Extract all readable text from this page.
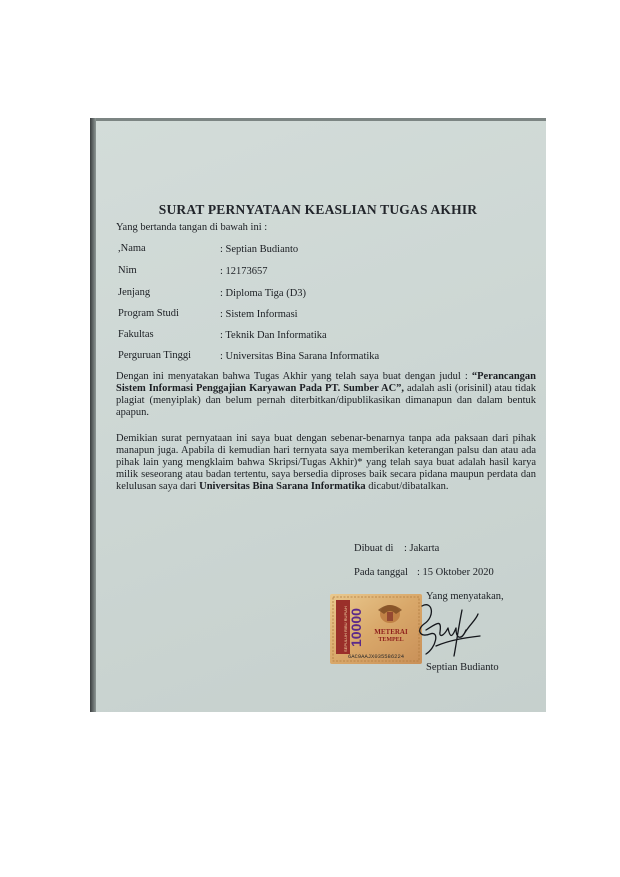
SURAT PERNYATAAN KEASLIAN TUGAS AKHIR
Yang bertanda tangan di bawah ini :
,Nama	: Septian Budianto
Nim	: 12173657
Jenjang	: Diploma Tiga (D3)
Program Studi	: Sistem Informasi
Fakultas	: Teknik Dan Informatika
Perguruan Tinggi	: Universitas Bina Sarana Informatika
Dengan ini menyatakan bahwa Tugas Akhir yang telah saya buat dengan judul : “Perancangan Sistem Informasi Penggajian Karyawan Pada PT. Sumber AC”, adalah asli (orisinil) atau tidak plagiat (menyiplak) dan belum pernah diterbitkan/dipublikasikan dimanapun dan dalam bentuk apapun.
Demikian surat pernyataan ini saya buat dengan sebenar-benarnya tanpa ada paksaan dari pihak manapun juga. Apabila di kemudian hari ternyata saya memberikan keterangan palsu dan atau ada pihak lain yang mengklaim bahwa Skripsi/Tugas Akhir)* yang telah saya buat adalah hasil karya milik seseorang atau badan tertentu, saya bersedia diproses baik secara pidana maupun perdata dan kelulusan saya dari Universitas Bina Sarana Informatika dicabut/dibatalkan.
Dibuat di : Jakarta
Pada tanggal : 15 Oktober 2020
Yang menyatakan,
SEPULUH RIBU RUPIAH 10000 METERAI
TEMPEL
6AC9AAJX035586224
Septian Budianto
